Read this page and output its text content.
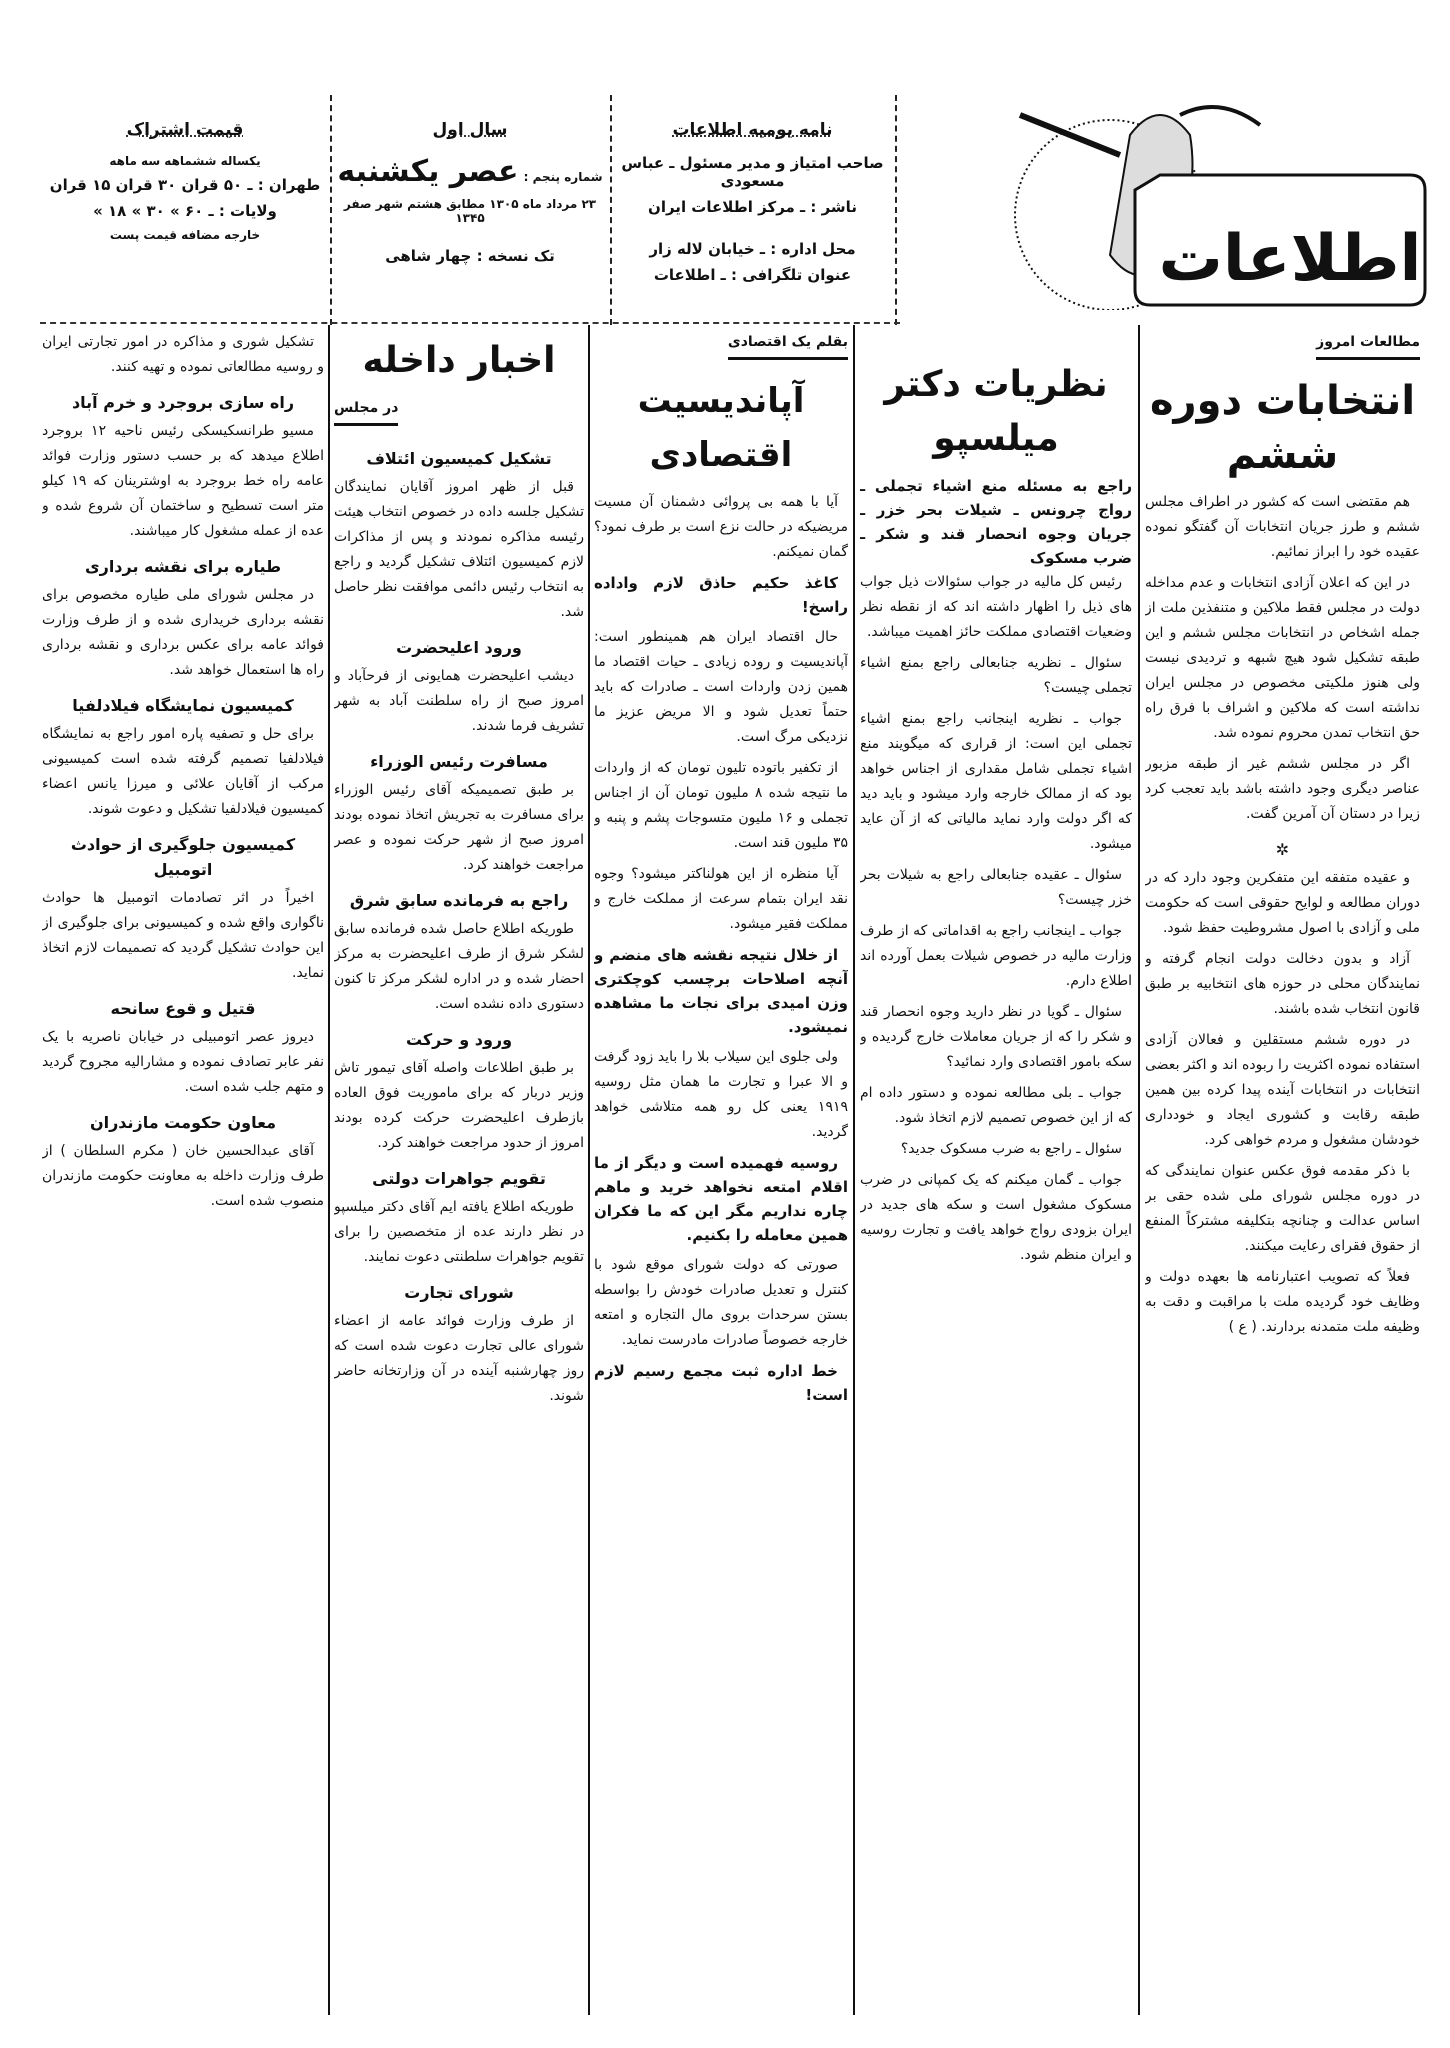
اطلاعات
نامه یومیه اطلاعات
صاحب امتیاز و مدیر مسئول ـ عباس مسعودی
ناشر : ـ مرکز اطلاعات ایران
محل اداره : ـ خیابان لاله زار
عنوان تلگرافی : ـ اطلاعات
سال اول
شماره پنجم : عصر یکشنبه
۲۳ مرداد ماه ۱۳۰۵ مطابق هشتم شهر صفر ۱۳۴۵
تک نسخه : چهار شاهی
قیمت اشتراک
یکساله ششماهه سه ماهه
طهران : ـ ۵۰ قران ۳۰ قران ۱۵ قران
ولایات : ـ ۶۰ » ۳۰ » ۱۸ »
خارجه مضافه قیمت پست
مطالعات امروز
انتخابات دوره ششم

هم مقتضی است که کشور در اطراف مجلس ششم و طرز جریان انتخابات آن گفتگو نموده عقیده خود را ابراز نمائیم.

در این که اعلان آزادی انتخابات و عدم مداخله دولت در مجلس فقط ملاکین و متنفذین ملت از جمله اشخاص در انتخابات مجلس ششم و این طبقه تشکیل شود هیچ شبهه و تردیدی نیست ولی هنوز ملکیتی مخصوص در مجلس ایران نداشته است که ملاکین و اشراف با فرق راه حق انتخاب تمدن محروم نموده شد.

اگر در مجلس ششم غیر از طبقه مزبور عناصر دیگری وجود داشته باشد باید تعجب کرد زیرا در دستان آن آمرین گفت.

✲

و عقیده متفقه این متفکرین وجود دارد که در دوران مطالعه و لوایح حقوقی است که حکومت ملی و آزادی با اصول مشروطیت حفظ شود.

آزاد و بدون دخالت دولت انجام گرفته و نمایندگان محلی در حوزه های انتخابیه بر طبق قانون انتخاب شده باشند.

در دوره ششم مستقلین و فعالان آزادی استفاده نموده اکثریت را ربوده اند و اکثر بعضی انتخابات در انتخابات آینده پیدا کرده بین همین طبقه رقابت و کشوری ایجاد و خودداری خودشان مشغول و مردم خواهی کرد.

با ذکر مقدمه فوق عکس عنوان نمایندگی که در دوره مجلس شورای ملی شده حقی بر اساس عدالت و چنانچه بتکلیفه مشترکاً المنفع از حقوق فقرای رعایت میکنند.

فعلاً که تصویب اعتبارنامه ها بعهده دولت و وظایف خود گردیده ملت با مراقبت و دقت به وظیفه ملت متمدنه بردارند. ( ع )

نظریات دکتر میلسپو
راجع به مسئله منع اشیاء تجملی ـ رواج چرونس ـ شیلات بحر خزر ـ جریان وجوه انحصار قند و شکر ـ ضرب مسکوک

رئیس کل مالیه در جواب سئوالات ذیل جواب های ذیل را اظهار داشته اند که از نقطه نظر وضعیات اقتصادی مملکت حائز اهمیت میباشد.

سئوال ـ نظریه جنابعالی راجع بمنع اشیاء تجملی چیست؟

جواب ـ نظریه اینجانب راجع بمنع اشیاء تجملی این است: از قراری که میگویند منع اشیاء تجملی شامل مقداری از اجناس خواهد بود که از ممالک خارجه وارد میشود و باید دید که اگر دولت وارد نماید مالیاتی که از آن عاید میشود.

سئوال ـ عقیده جنابعالی راجع به شیلات بحر خزر چیست؟

جواب ـ اینجانب راجع به اقداماتی که از طرف وزارت مالیه در خصوص شیلات بعمل آورده اند اطلاع دارم.

سئوال ـ گویا در نظر دارید وجوه انحصار قند و شکر را که از جریان معاملات خارج گردیده و سکه بامور اقتصادی وارد نمائید؟

جواب ـ بلی مطالعه نموده و دستور داده ام که از این خصوص تصمیم لازم اتخاذ شود.

سئوال ـ راجع به ضرب مسکوک جدید؟

جواب ـ گمان میکنم که یک کمپانی در ضرب مسکوک مشغول است و سکه های جدید در ایران بزودی رواج خواهد یافت و تجارت روسیه و ایران منظم شود.

بقلم یک اقتصادی
آپاندیسیت اقتصادی

آیا با همه بی پروائی دشمنان آن مسیت مریضیکه در حالت نزع است بر طرف نمود؟ گمان نمیکنم.

کاغذ حکیم حاذق لازم واداده راسخ!

حال اقتصاد ایران هم همینطور است: آپاندیسیت و روده زیادی ـ حیات اقتصاد ما همین زدن واردات است ـ صادرات که باید حتماً تعدیل شود و الا مریض عزیز ما نزدیکی مرگ است.

از تکفیر باتوده تلیون تومان که از واردات ما نتیجه شده ۸ ملیون تومان آن از اجناس تجملی و ۱۶ ملیون متسوجات پشم و پنبه و ۳۵ ملیون قند است.

آیا منظره از این هولناکتر میشود؟ وجوه نقد ایران بتمام سرعت از مملکت خارج و مملکت فقیر میشود.

از خلال نتیجه نقشه های منضم و آنچه اصلاحات برچسب کوچکتری وزن امیدی برای نجات ما مشاهده نمیشود.

ولی جلوی این سیلاب بلا را باید زود گرفت و الا عبرا و تجارت ما همان مثل روسیه ۱۹۱۹ یعنی کل رو همه متلاشی خواهد گردید.

روسیه فهمیده است و دیگر از ما اقلام امتعه نخواهد خرید و ماهم چاره نداریم مگر این که ما فکران همین معامله را بکنیم.

صورتی که دولت شورای موقع شود با کنترل و تعدیل صادرات خودش را بواسطه بستن سرحدات بروی مال التجاره و امتعه خارجه خصوصاً صادرات مادرست نماید.

خط اداره ثبت مجمع رسیم لازم است!

اخبار داخله
در مجلس
تشکیل کمیسیون ائتلاف

قبل از ظهر امروز آقایان نمایندگان تشکیل جلسه داده در خصوص انتخاب هیئت رئیسه مذاکره نمودند و پس از مذاکرات لازم کمیسیون ائتلاف تشکیل گردید و راجع به انتخاب رئیس دائمی موافقت نظر حاصل شد.

ورود اعلیحضرت

دیشب اعلیحضرت همایونی از فرحآباد و امروز صبح از راه سلطنت آباد به شهر تشریف فرما شدند.

مسافرت رئیس الوزراء

بر طبق تصمیمیکه آقای رئیس الوزراء برای مسافرت به تجریش اتخاذ نموده بودند امروز صبح از شهر حرکت نموده و عصر مراجعت خواهند کرد.

راجع به فرمانده سابق شرق

طوریکه اطلاع حاصل شده فرمانده سابق لشکر شرق از طرف اعلیحضرت به مرکز احضار شده و در اداره لشکر مرکز تا کنون دستوری داده نشده است.

ورود و حرکت

بر طبق اطلاعات واصله آقای تیمور تاش وزیر دربار که برای ماموریت فوق العاده بازطرف اعلیحضرت حرکت کرده بودند امروز از حدود مراجعت خواهند کرد.

تقویم جواهرات دولتی

طوریکه اطلاع یافته ایم آقای دکتر میلسپو در نظر دارند عده از متخصصین را برای تقویم جواهرات سلطنتی دعوت نمایند.

شورای تجارت

از طرف وزارت فوائد عامه از اعضاء شورای عالی تجارت دعوت شده است که روز چهارشنبه آینده در آن وزارتخانه حاضر شوند.

تشکیل شوری و مذاکره در امور تجارتی ایران و روسیه مطالعاتی نموده و تهیه کنند.

راه سازی بروجرد و خرم آباد

مسیو طرانسکیسکی رئیس ناحیه ۱۲ بروجرد اطلاع میدهد که بر حسب دستور وزارت فوائد عامه راه خط بروجرد به اوشترینان که ۱۹ کیلو متر است تسطیح و ساختمان آن شروع شده و عده از عمله مشغول کار میباشند.

طیاره برای نقشه برداری

در مجلس شورای ملی طیاره مخصوص برای نقشه برداری خریداری شده و از طرف وزارت فوائد عامه برای عکس برداری و نقشه برداری راه ها استعمال خواهد شد.

کمیسیون نمایشگاه فیلادلفیا

برای حل و تصفیه پاره امور راجع به نمایشگاه فیلادلفیا تصمیم گرفته شده است کمیسیونی مرکب از آقایان علائی و میرزا یانس اعضاء کمیسیون فیلادلفیا تشکیل و دعوت شوند.

کمیسیون جلوگیری از حوادث اتومبیل

اخیراً در اثر تصادمات اتومبیل ها حوادث ناگواری واقع شده و کمیسیونی برای جلوگیری از این حوادث تشکیل گردید که تصمیمات لازم اتخاذ نماید.

قتیل و قوع سانحه

دیروز عصر اتومبیلی در خیابان ناصریه با یک نفر عابر تصادف نموده و مشارالیه مجروح گردید و متهم جلب شده است.

معاون حکومت مازندران

آقای عبدالحسین خان ( مکرم السلطان ) از طرف وزارت داخله به معاونت حکومت مازندران منصوب شده است.
